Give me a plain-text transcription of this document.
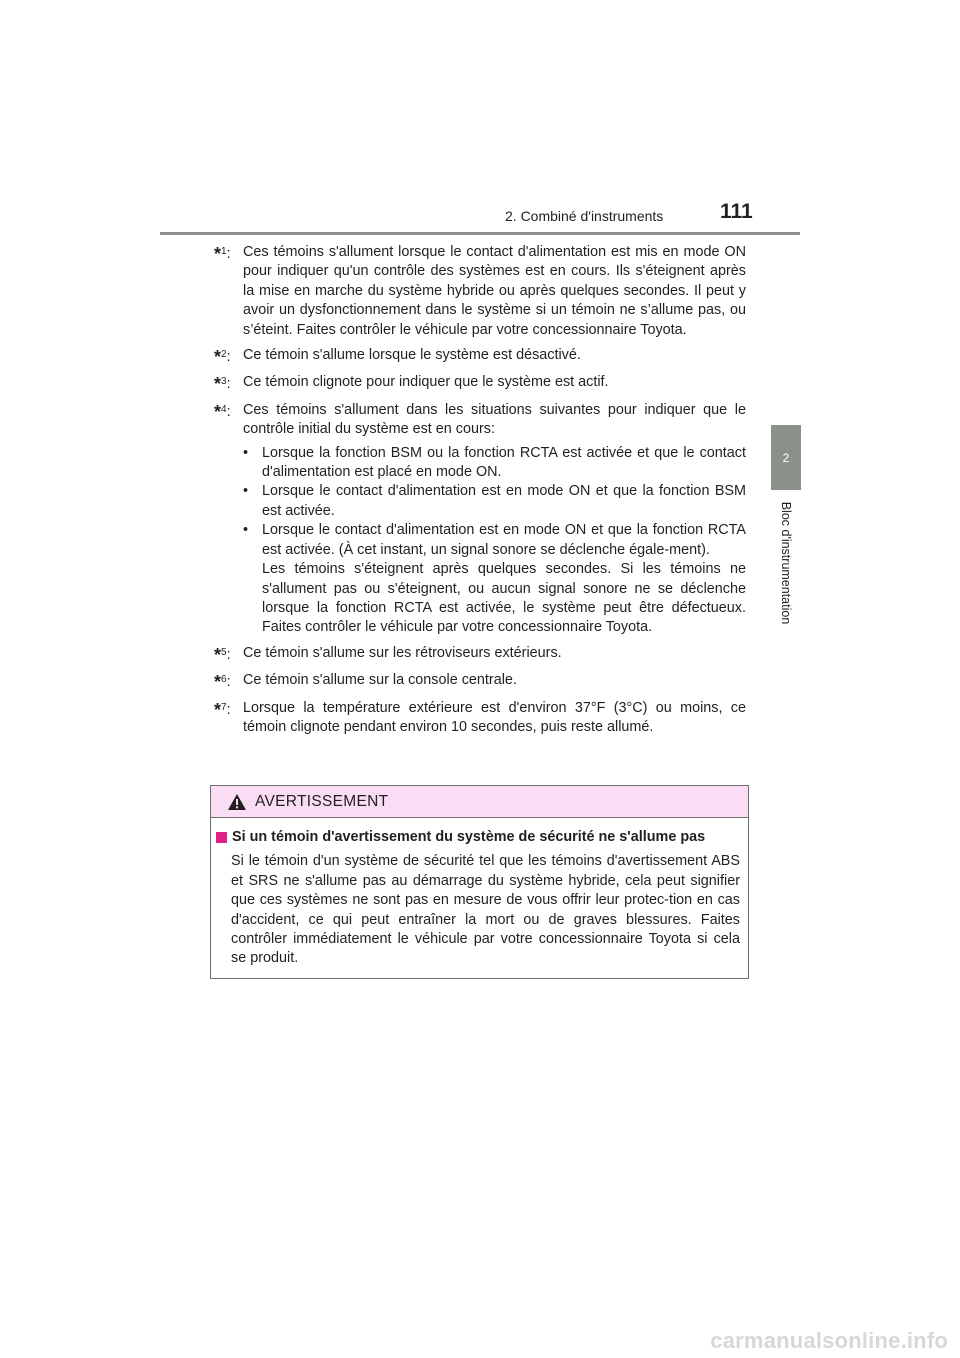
2. Combiné d'instruments	111
2
Bloc d'instrumentation
*$^1$: Ces témoins s'allument lorsque le contact d'alimentation est mis en mode ON pour indiquer qu'un contrôle des systèmes est en cours. Ils s'éteignent après la mise en marche du système hybride ou après quelques secondes. Il peut y avoir un dysfonctionnement dans le système si un témoin ne s’allume pas, ou s’éteint. Faites contrôler le véhicule par votre concessionnaire Toyota.
*$^2$: Ce témoin s'allume lorsque le système est désactivé.
*$^3$: Ce témoin clignote pour indiquer que le système est actif.
*$^4$: Ces témoins s'allument dans les situations suivantes pour indiquer que le contrôle initial du système est en cours:
• Lorsque la fonction BSM ou la fonction RCTA est activée et que le contact d'alimentation est placé en mode ON.
• Lorsque le contact d'alimentation est en mode ON et que la fonction BSM est activée.
• Lorsque le contact d'alimentation est en mode ON et que la fonction RCTA est activée. (À cet instant, un signal sonore se déclenche égale-ment).
Les témoins s'éteignent après quelques secondes. Si les témoins ne s'allument pas ou s'éteignent, ou aucun signal sonore ne se déclenche lorsque la fonction RCTA est activée, le système peut être défectueux. Faites contrôler le véhicule par votre concessionnaire Toyota.
*$^5$: Ce témoin s'allume sur les rétroviseurs extérieurs.
*$^6$: Ce témoin s'allume sur la console centrale.
*$^7$: Lorsque la température extérieure est d'environ 37°F (3°C) ou moins, ce témoin clignote pendant environ 10 secondes, puis reste allumé.
AVERTISSEMENT
Si un témoin d'avertissement du système de sécurité ne s'allume pas
Si le témoin d'un système de sécurité tel que les témoins d'avertissement ABS et SRS ne s'allume pas au démarrage du système hybride, cela peut signifier que ces systèmes ne sont pas en mesure de vous offrir leur protec-tion en cas d'accident, ce qui peut entraîner la mort ou de graves blessures. Faites contrôler immédiatement le véhicule par votre concessionnaire Toyota si cela se produit.
carmanualsonline.info
